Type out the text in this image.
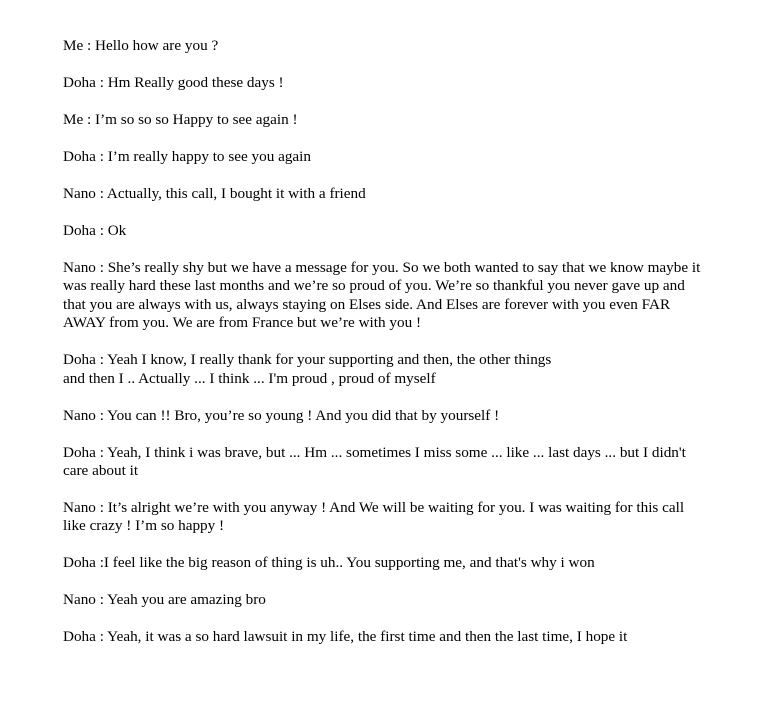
Me : Hello how are you ?

Doha : Hm Really good these days !

Me : I’m so so so Happy to see again !

Doha : I’m really happy to see you again

Nano : Actually, this call, I bought it with a friend

Doha : Ok

Nano : She’s really shy but we have a message for you. So we both wanted to say that we know maybe it was really hard these last months and we’re so proud of you. We’re so thankful you never gave up and that you are always with us, always staying on Elses side. And Elses are forever with you even FAR AWAY from you. We are from France but we’re with you !

Doha : Yeah I know, I really thank for your supporting and then, the other things
and then I .. Actually ... I think ... I'm proud , proud of myself

Nano : You can !! Bro, you’re so young ! And you did that by yourself !

Doha : Yeah, I think i was brave, but ... Hm ... sometimes I miss some ... like ... last days ... but I didn't care about it

Nano : It’s alright we’re with you anyway ! And We will be waiting for you. I was waiting for this call like crazy ! I’m so happy !

Doha :I feel like the big reason of thing is uh.. You supporting me, and that's why i won

Nano : Yeah you are amazing bro

Doha : Yeah, it was a so hard lawsuit in my life, the first time and then the last time, I hope it
